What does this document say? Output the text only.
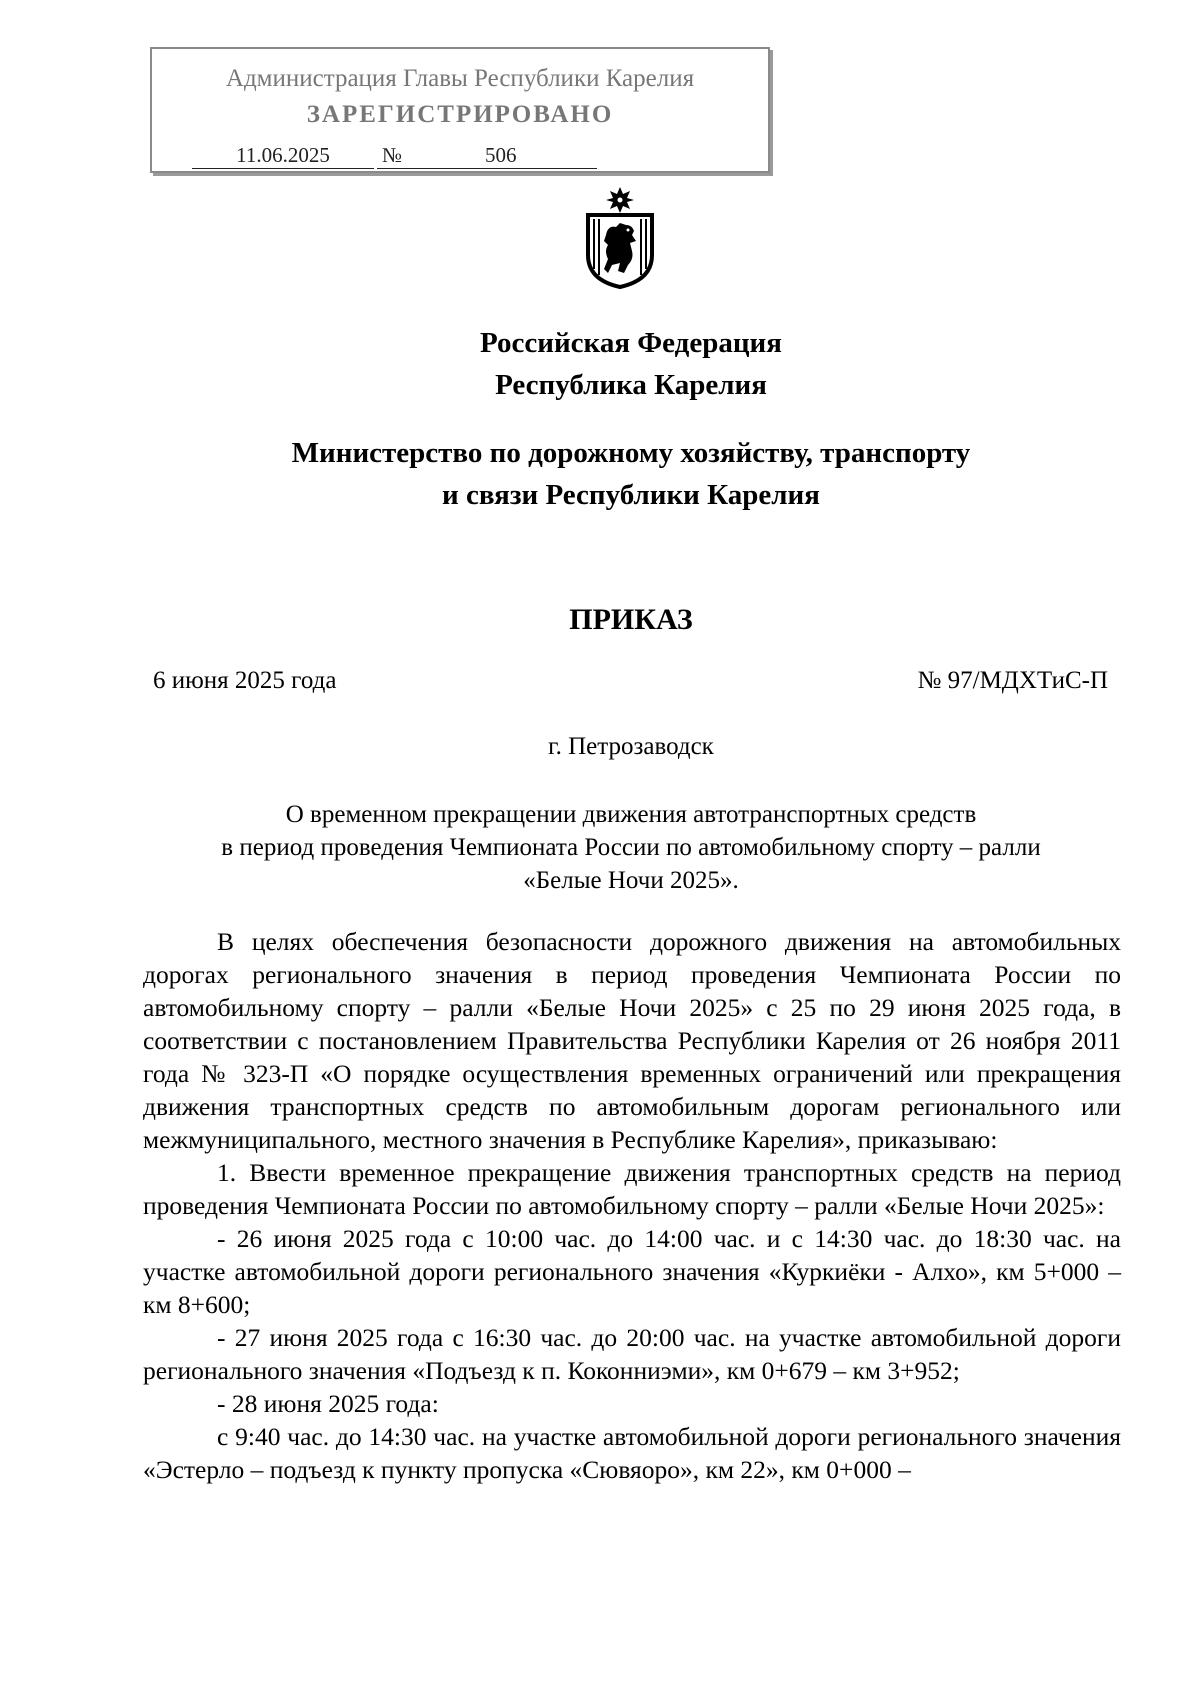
Администрация Главы Республики Карелия
ЗАРЕГИСТРИРОВАНО
11.06.2025	№	506
Российская Федерация
Республика Карелия
Министерство по дорожному хозяйству, транспорту
и связи Республики Карелия
ПРИКАЗ
6 июня 2025 года	№ 97/МДХТиС-П
г. Петрозаводск
О временном прекращении движения автотранспортных средств
в период проведения Чемпионата России по автомобильному спорту – ралли
«Белые Ночи 2025».

В целях обеспечения безопасности дорожного движения на автомобильных дорогах регионального значения в период проведения Чемпионата России по автомобильному спорту – ралли «Белые Ночи 2025» с 25 по 29 июня 2025 года, в соответствии с постановлением Правительства Республики Карелия от 26 ноября 2011 года № 323-П «О порядке осуществления временных ограничений или прекращения движения транспортных средств по автомобильным дорогам регионального или межмуниципального, местного значения в Республике Карелия», приказываю:

1. Ввести временное прекращение движения транспортных средств на период проведения Чемпионата России по автомобильному спорту – ралли «Белые Ночи 2025»:

- 26 июня 2025 года с 10:00 час. до 14:00 час. и с 14:30 час. до 18:30 час. на участке автомобильной дороги регионального значения «Куркиёки - Алхо», км 5+000 – км 8+600;

- 27 июня 2025 года с 16:30 час. до 20:00 час. на участке автомобильной дороги регионального значения «Подъезд к п. Коконниэми», км 0+679 – км 3+952;

- 28 июня 2025 года:

с 9:40 час. до 14:30 час. на участке автомобильной дороги регионального значения «Эстерло – подъезд к пункту пропуска «Сювяоро», км 22», км 0+000 –
